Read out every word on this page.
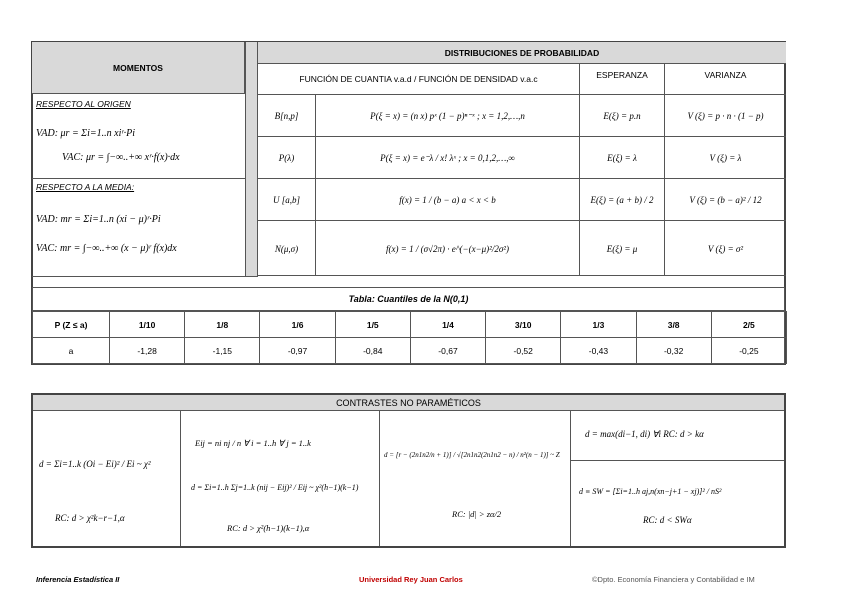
MOMENTOS
RESPECTO AL ORIGEN
VAD: μr = Σi=1..n xiʳ·Pi
VAC: μr = ∫−∞..+∞ xʳ·f(x)·dx
RESPECTO A LA MEDIA:
VAD: mr = Σi=1..n (xi − μ)ʳ·Pi
VAC: mr = ∫−∞..+∞ (x − μ)ʳ f(x)dx
DISTRIBUCIONES DE PROBABILIDAD
FUNCIÓN DE CUANTIA v.a.d / FUNCIÓN DE DENSIDAD v.a.c	ESPERANZA	VARIANZA
B[n,p]	P(ξ = x) = (n x) pˣ (1 − p)ⁿ⁻ˣ ; x = 1,2,…,n	E(ξ) = p.n	V (ξ) = p · n · (1 − p)
P(λ)	P(ξ = x) = e⁻λ / x! λˣ ; x = 0,1,2,…,∞	E(ξ) = λ	V (ξ) = λ
U [a,b]	f(x) = 1 / (b − a) a < x < b	E(ξ) = (a + b) / 2	V (ξ) = (b − a)² / 12
N(μ,σ)	f(x) = 1 / (σ√2π) · e^(−(x−μ)²/2σ²)	E(ξ) = μ	V (ξ) = σ²
Tabla: Cuantiles de la N(0,1)
P (Z ≤ a)	1/10	1/8	1/6	1/5	1/4	3/10	1/3	3/8	2/5
a	-1,28	-1,15	-0,97	-0,84	-0,67	-0,52	-0,43	-0,32	-0,25
CONTRASTES NO PARAMÉTICOS
d = Σi=1..k (Oi − Ei)² / Ei ~ χ²
RC: d > χ²k−r−1,α
Eij = ni nj / n ∀ i = 1..h ∀ j = 1..k
d = Σi=1..h Σj=1..k (nij − Eij)² / Eij ~ χ²(h−1)(k−1)
RC: d > χ²(h−1)(k−1),α
d = [r − (2n1n2/n + 1)] / √[2n1n2(2n1n2 − n) / n²(n − 1)] ~ Z
RC: |d| > zα/2
d = max(di−1, di) ∀i RC: d > kα
d ≡ SW = [Σi=1..h aj,n(xn−j+1 − xj)]² / nS²
RC: d < SWα
Inferencia Estadística II	Universidad Rey Juan Carlos	©Dpto. Economía Financiera y Contabilidad e IM
